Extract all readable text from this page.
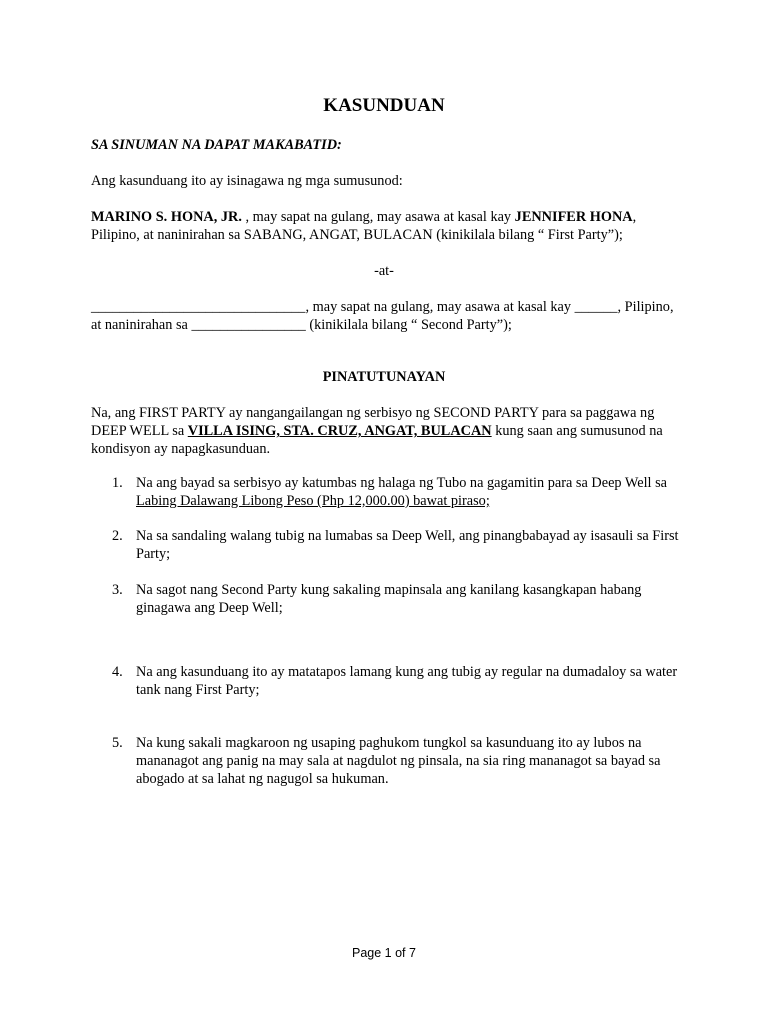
KASUNDUAN
SA SINUMAN NA DAPAT MAKABATID:
Ang kasunduang ito ay isinagawa ng mga sumusunod:
MARINO S. HONA, JR. , may sapat na gulang, may asawa at kasal kay JENNIFER HONA, Pilipino, at naninirahan sa SABANG, ANGAT, BULACAN (kinikilala bilang “ First Party”);
-at-
______________________________, may sapat na gulang, may asawa at kasal kay ______, Pilipino, at naninirahan sa ________________ (kinikilala bilang “ Second Party”);
PINATUTUNAYAN
Na, ang FIRST PARTY ay nangangailangan ng serbisyo ng SECOND PARTY para sa paggawa ng DEEP WELL sa VILLA ISING, STA. CRUZ, ANGAT, BULACAN kung saan ang sumusunod na kondisyon ay napagkasunduan.
1. Na ang bayad sa serbisyo ay katumbas ng halaga ng Tubo na gagamitin para sa Deep Well sa Labing Dalawang Libong Peso (Php 12,000.00) bawat piraso;
2. Na sa sandaling walang tubig na lumabas sa Deep Well, ang pinangbabayad ay isasauli sa First Party;
3. Na sagot nang Second Party kung sakaling mapinsala ang kanilang kasangkapan habang ginagawa ang Deep Well;
4. Na ang kasunduang ito ay matatapos lamang kung ang tubig ay regular na dumadaloy sa water tank nang First Party;
5. Na kung sakali magkaroon ng usaping paghukom tungkol sa kasunduang ito ay lubos na mananagot ang panig na may sala at nagdulot ng pinsala, na sia ring mananagot sa bayad sa abogado at sa lahat ng nagugol sa hukuman.
Page 1 of 7
